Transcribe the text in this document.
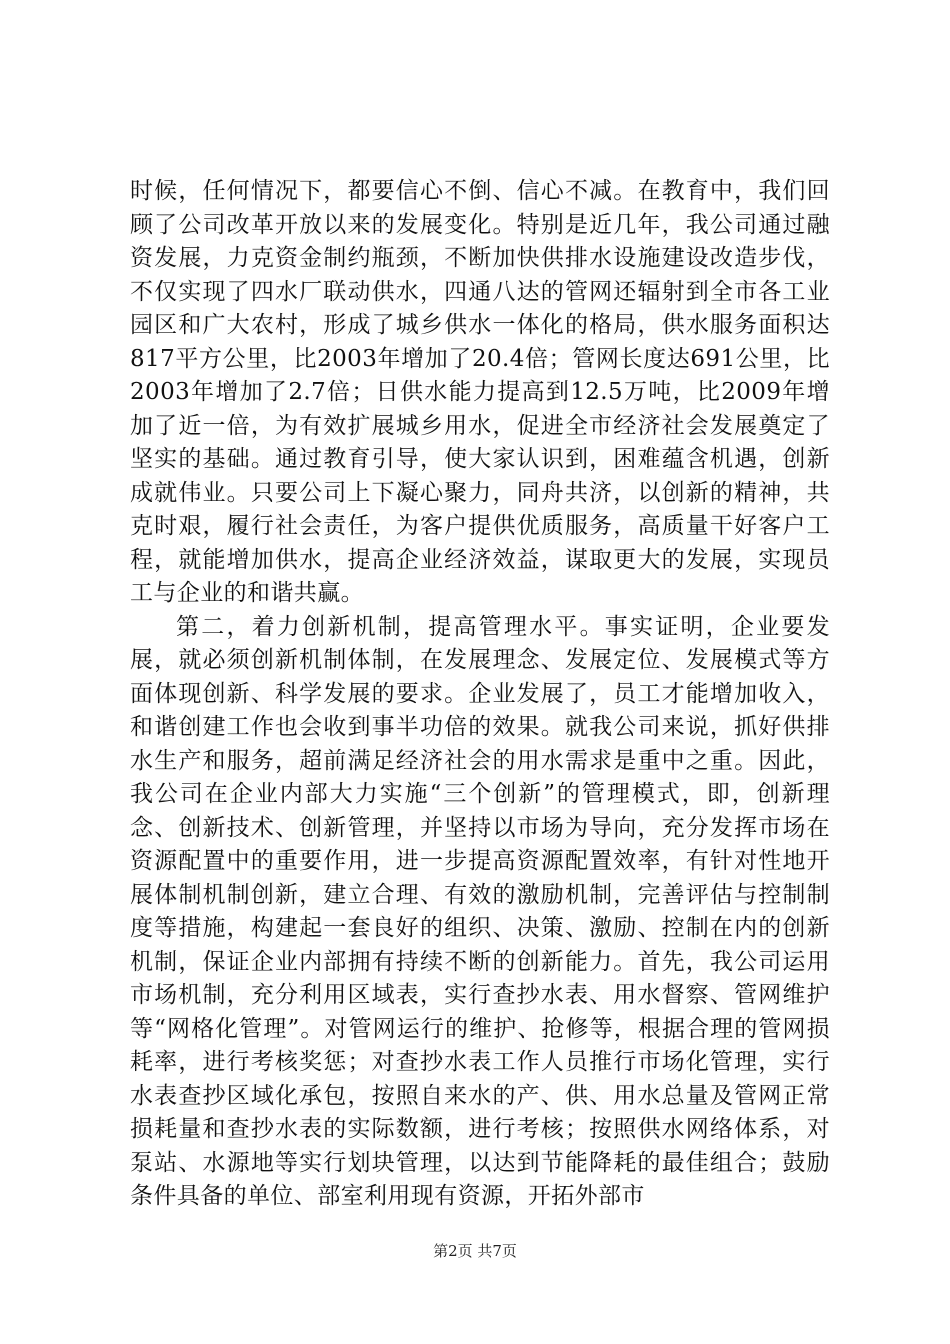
时候，任何情况下，都要信心不倒、信心不减。在教育中，我们回顾了公司改革开放以来的发展变化。特别是近几年，我公司通过融资发展，力克资金制约瓶颈，不断加快供排水设施建设改造步伐，不仅实现了四水厂联动供水，四通八达的管网还辐射到全市各工业园区和广大农村，形成了城乡供水一体化的格局，供水服务面积达817平方公里，比2003年增加了20.4倍；管网长度达691公里，比2003年增加了2.7倍；日供水能力提高到12.5万吨，比2009年增加了近一倍，为有效扩展城乡用水，促进全市经济社会发展奠定了坚实的基础。通过教育引导，使大家认识到，困难蕴含机遇，创新成就伟业。只要公司上下凝心聚力，同舟共济，以创新的精神，共克时艰，履行社会责任，为客户提供优质服务，高质量干好客户工程，就能增加供水，提高企业经济效益，谋取更大的发展，实现员工与企业的和谐共赢。

第二，着力创新机制，提高管理水平。事实证明，企业要发展，就必须创新机制体制，在发展理念、发展定位、发展模式等方面体现创新、科学发展的要求。企业发展了，员工才能增加收入，和谐创建工作也会收到事半功倍的效果。就我公司来说，抓好供排水生产和服务，超前满足经济社会的用水需求是重中之重。因此，我公司在企业内部大力实施“三个创新”的管理模式，即，创新理念、创新技术、创新管理，并坚持以市场为导向，充分发挥市场在资源配置中的重要作用，进一步提高资源配置效率，有针对性地开展体制机制创新，建立合理、有效的激励机制，完善评估与控制制度等措施，构建起一套良好的组织、决策、激励、控制在内的创新机制，保证企业内部拥有持续不断的创新能力。首先，我公司运用市场机制，充分利用区域表，实行查抄水表、用水督察、管网维护等“网格化管理”。对管网运行的维护、抢修等，根据合理的管网损耗率，进行考核奖惩；对查抄水表工作人员推行市场化管理，实行水表查抄区域化承包，按照自来水的产、供、用水总量及管网正常损耗量和查抄水表的实际数额，进行考核；按照供水网络体系，对泵站、水源地等实行划块管理，以达到节能降耗的最佳组合；鼓励条件具备的单位、部室利用现有资源，开拓外部市

第2页 共7页
